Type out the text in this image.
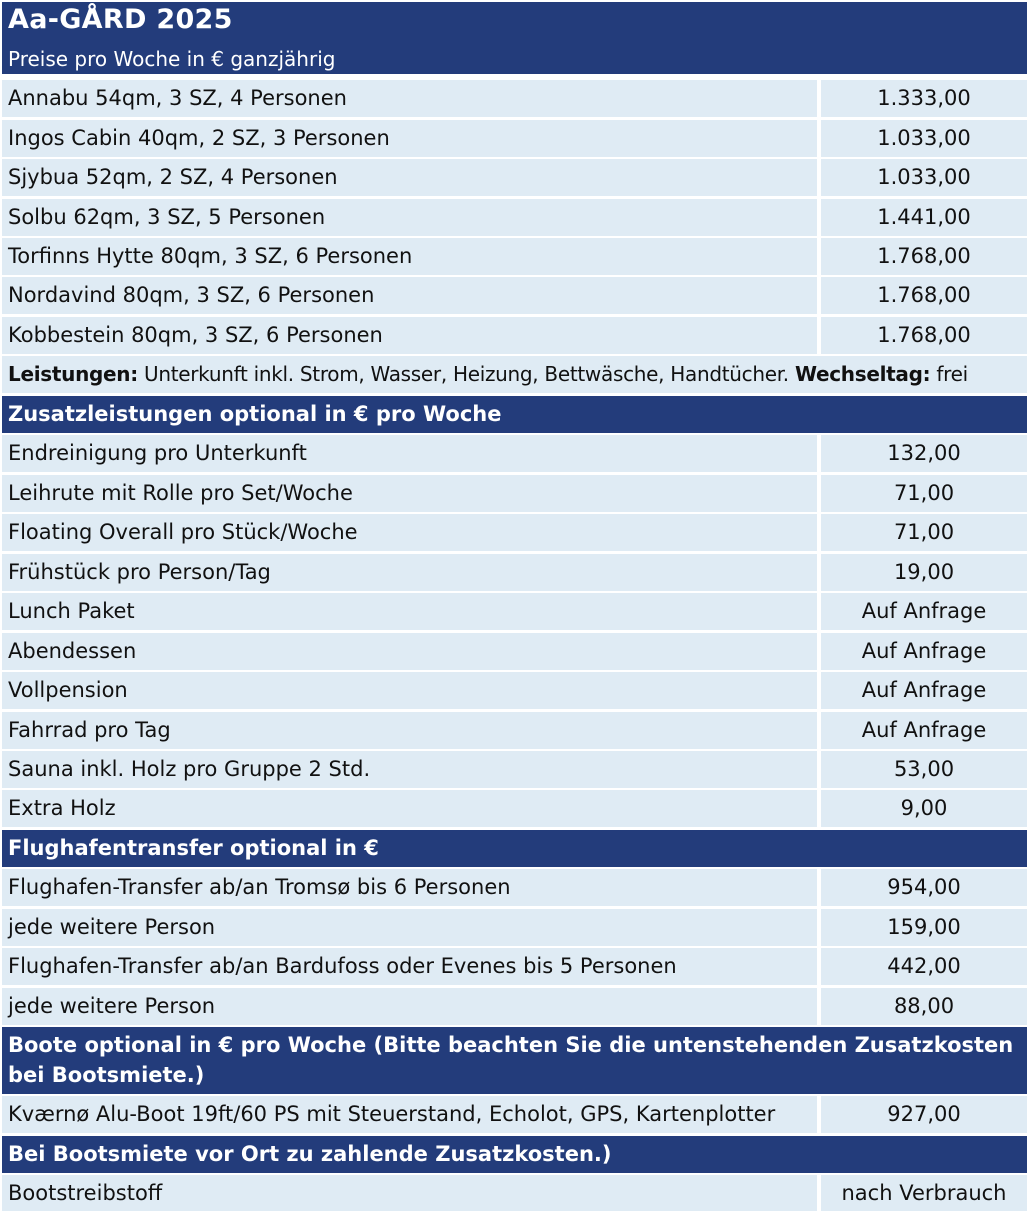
Aa-GÅRD 2025
Preise pro Woche in € ganzjährig
Annabu 54qm, 3 SZ, 4 Personen	1.333,00
Ingos Cabin 40qm, 2 SZ, 3 Personen	1.033,00
Sjybua 52qm, 2 SZ, 4 Personen	1.033,00
Solbu 62qm, 3 SZ, 5 Personen	1.441,00
Torfinns Hytte 80qm, 3 SZ, 6 Personen	1.768,00
Nordavind 80qm, 3 SZ, 6 Personen	1.768,00
Kobbestein 80qm, 3 SZ, 6 Personen	1.768,00
Leistungen: Unterkunft inkl. Strom, Wasser, Heizung, Bettwäsche, Handtücher. Wechseltag: frei
Zusatzleistungen optional in € pro Woche
Endreinigung pro Unterkunft	132,00
Leihrute mit Rolle pro Set/Woche	71,00
Floating Overall pro Stück/Woche	71,00
Frühstück pro Person/Tag	19,00
Lunch Paket	Auf Anfrage
Abendessen	Auf Anfrage
Vollpension	Auf Anfrage
Fahrrad pro Tag	Auf Anfrage
Sauna inkl. Holz pro Gruppe 2 Std.	53,00
Extra Holz	9,00
Flughafentransfer optional in €
Flughafen-Transfer ab/an Tromsø bis 6 Personen	954,00
jede weitere Person	159,00
Flughafen-Transfer ab/an Bardufoss oder Evenes bis 5 Personen	442,00
jede weitere Person	88,00
Boote optional in € pro Woche (Bitte beachten Sie die untenstehenden Zusatzkosten bei Bootsmiete.)
Kværnø Alu-Boot 19ft/60 PS mit Steuerstand, Echolot, GPS, Kartenplotter	927,00
Bei Bootsmiete vor Ort zu zahlende Zusatzkosten.)
Bootstreibstoff	nach Verbrauch
